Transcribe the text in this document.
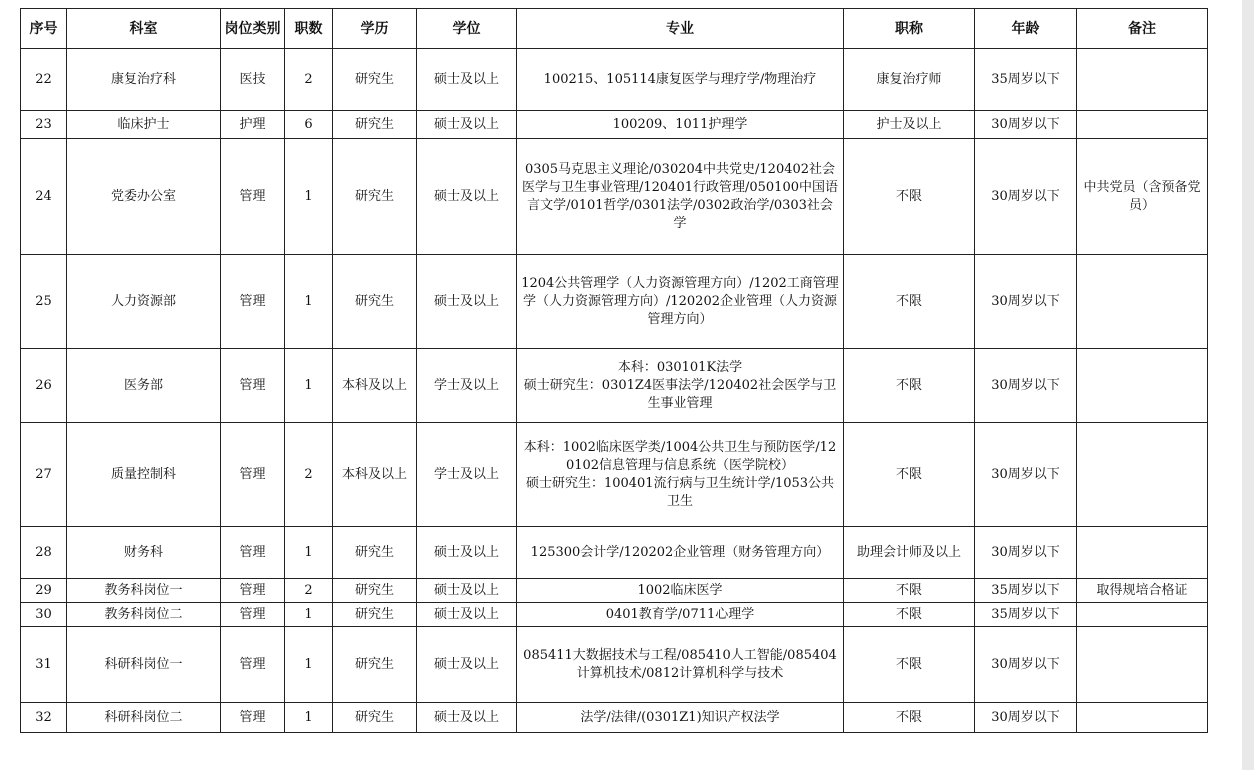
序号	科室	岗位类别	职数	学历	学位	专业	职称	年龄	备注
22	康复治疗科	医技	2	研究生	硕士及以上	100215、105114康复医学与理疗学/物理治疗	康复治疗师	35周岁以下	
23	临床护士	护理	6	研究生	硕士及以上	100209、1011护理学	护士及以上	30周岁以下	
24	党委办公室	管理	1	研究生	硕士及以上	0305马克思主义理论/030204中共党史/120402社会医学与卫生事业管理/120401行政管理/050100中国语言文学/0101哲学/0301法学/0302政治学/0303社会学	不限	30周岁以下	中共党员（含预备党员）
25	人力资源部	管理	1	研究生	硕士及以上	1204公共管理学（人力资源管理方向）/1202工商管理学（人力资源管理方向）/120202企业管理（人力资源管理方向）	不限	30周岁以下	
26	医务部	管理	1	本科及以上	学士及以上	本科：030101K法学
硕士研究生：0301Z4医事法学/120402社会医学与卫生事业管理	不限	30周岁以下	
27	质量控制科	管理	2	本科及以上	学士及以上	本科：1002临床医学类/1004公共卫生与预防医学/120102信息管理与信息系统（医学院校）
硕士研究生：100401流行病与卫生统计学/1053公共卫生	不限	30周岁以下	
28	财务科	管理	1	研究生	硕士及以上	125300会计学/120202企业管理（财务管理方向）	助理会计师及以上	30周岁以下	
29	教务科岗位一	管理	2	研究生	硕士及以上	1002临床医学	不限	35周岁以下	取得规培合格证
30	教务科岗位二	管理	1	研究生	硕士及以上	0401教育学/0711心理学	不限	35周岁以下	
31	科研科岗位一	管理	1	研究生	硕士及以上	085411大数据技术与工程/085410人工智能/085404计算机技术/0812计算机科学与技术	不限	30周岁以下	
32	科研科岗位二	管理	1	研究生	硕士及以上	法学/法律/(0301Z1)知识产权法学	不限	30周岁以下	
